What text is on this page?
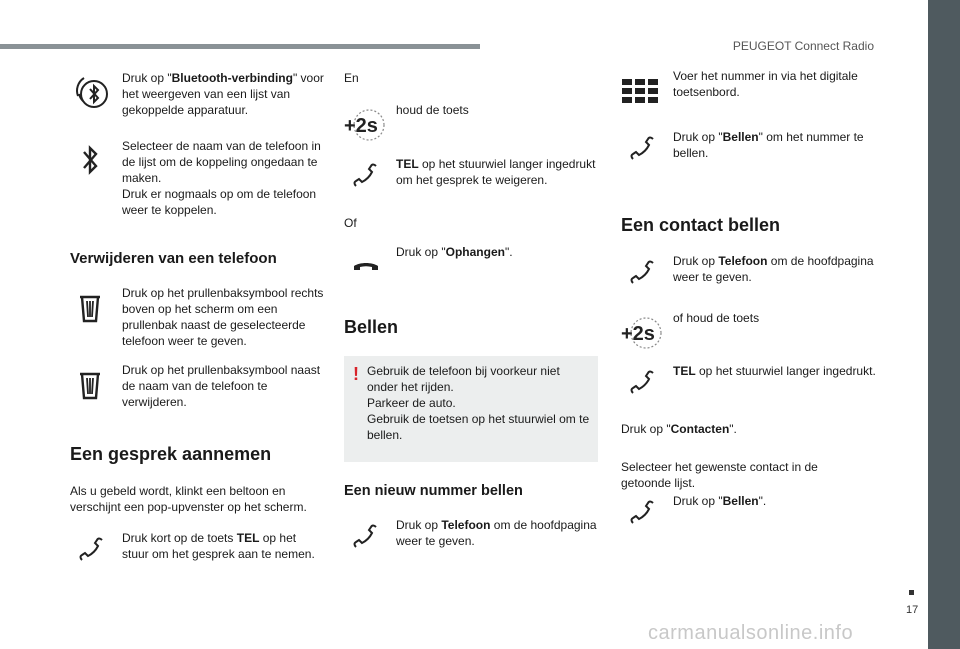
PEUGEOT Connect Radio
17
carmanualsonline.info
Druk op "Bluetooth-verbinding" voor het weergeven van een lijst van gekoppelde apparatuur.
Selecteer de naam van de telefoon in de lijst om de koppeling ongedaan te maken.
Druk er nogmaals op om de telefoon weer te koppelen.
Verwijderen van een telefoon
Druk op het prullenbaksymbool rechts boven op het scherm om een prullenbak naast de geselecteerde telefoon weer te geven.
Druk op het prullenbaksymbool naast de naam van de telefoon te verwijderen.
Een gesprek aannemen
Als u gebeld wordt, klinkt een beltoon en verschijnt een pop-upvenster op het scherm.
Druk kort op de toets TEL op het stuur om het gesprek aan te nemen.
En
+2s
houd de toets
TEL op het stuurwiel langer ingedrukt om het gesprek te weigeren.
Of
Druk op "Ophangen".
Bellen
! Gebruik de telefoon bij voorkeur niet onder het rijden.
Parkeer de auto.
Gebruik de toetsen op het stuurwiel om te bellen.
Een nieuw nummer bellen
Druk op Telefoon om de hoofdpagina weer te geven.
Voer het nummer in via het digitale toetsenbord.
Druk op "Bellen" om het nummer te bellen.
Een contact bellen
Druk op Telefoon om de hoofdpagina weer te geven.
+2s
of houd de toets
TEL op het stuurwiel langer ingedrukt.
Druk op "Contacten".
Selecteer het gewenste contact in de getoonde lijst.
Druk op "Bellen".
